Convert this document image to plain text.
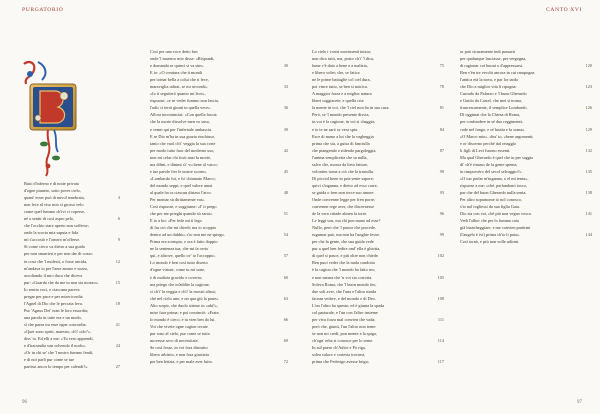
PURGATORIO
Buio d'inferno e di notte privata
d'ogne pianeto, sotto pover cielo,
quant' esser può di nuvol tenebrata,
non fece al viso mio sì grosso velo
come quel fummo ch'ivi ci coperse,
né a sentir di così aspro pelo,
che l'occhio stare aperto non sofferse;
onde la scorta mia saputa e fida
mi s'accostò e l'omero m'offerse.
Sì come cieco va dietro a sua guida
per non smarrirsi e per non dar di cozzo
in cosa che 'l molesti, o forse ancida,
m'andava io per l'aere amaro e sozzo,
ascoltando il mio duca che diceva
pur: «Guarda che da me tu non sia mozzo».
Io sentia voci, e ciascuna pareva
pregar per pace e per misericordia
l'Agnel di Dio che le peccata leva.
Pur 'Agnus Dei' eran le loro essordia;
una parola in tutte era e un modo,
sì che parea tra esse ogne concordia.
«Quei sono spirti, maestro, ch'i' odo?»,
diss' io. Ed elli a me: «Tu vero apprendi,
e d'iracundia van solvendo il nodo».
«Or tu chi se' che 'l nostro fummo fendi,
e di noi parli pur come se tue
partissi ancor lo tempo per calendi?».
3
6
9
12
15
18
21
24
27
Così per una voce detto fue;
onde 'l maestro mio disse: «Rispondi,
e domanda se quinci si va sùe».
E io: «O creatura che ti mondi
per tornar bella a colui che ti fece,
maraviglia udirai, se mi secondi».
«Io ti seguiterò quanto mi lece»,
rispuose; «e se veder fummo non lascia,
l'udir ci terrà giunti in quella vece».
Allora incominciai: «Con quella fascia
che la morte dissolve men vo suso,
e venni qui per l'infernale ambascia.
E se Dio m'ha in sua grazia rinchiuso,
tanto che vuol ch'i' veggia la sua corte
per modo tutto fuor del moderno uso,
non mi celar chi fosti anzi la morte,
ma dilmi, e dimmi s'i' vo bene al varco;
e tue parole fier le nostre scorte».
«Lombardo fui, e fu' chiamato Marco;
del mondo seppi, e quel valore amai
al quale ha or ciascun disteso l'arco.
Per montar sù dirittamente vai».
Così rispuose, e soggiunse: «I' ti prego
che per me prieghi quando sù sarai».
E io a lui: «Per fede mi ti lego
di far ciò che mi chiedi; ma io scoppio
dentro ad un dubbio, s'io non me ne spiego.
Prima era scempio, e ora è fatto doppio
ne la sentenza tua, che mi fa certo
qui, e altrove, quello ov' io l'accoppio.
Lo mondo è ben così tutto diserto
d'ogne virtute, come tu mi sone,
e di malizia gravido e coverto;
ma priego che m'addite la cagione,
sì ch'i' la veggia e ch'i' la mostri altrui;
ché nel cielo uno, e un qua giù la pone».
Alto sospir, che duolo strinse in «uhi!»,
mise fuor prima; e poi cominciò: «Frate,
lo mondo è cieco, e tu vien ben da lui.
Voi che vivete ogne cagion recate
pur suso al cielo, pur come se tutto
movesse seco di necessitate.
Se così fosse, in voi fora distrutto
libero arbitrio, e non fora giustizia
per ben letizia, e per male aver lutto.
30
33
36
39
42
45
48
51
54
57
60
63
66
69
72
96
CANTO XVI
Lo cielo i vostri movimenti inizia;
non dico tutti, ma, posto ch'i' 'l dica,
lume v'è dato a bene e a malizia,
e libero voler; che, se fatica
ne le prime battaglie col ciel dura,
poi vince tutto, se ben si notrica.
A maggior forza e a miglior natura
liberi soggiacete; e quella cria
la mente in voi, che 'l ciel non ha in sua cura.
Però, se 'l mondo presente disvia,
in voi è la cagione, in voi si chaggia;
e io te ne sarò or vera spia.
Esce di mano a lui che la vagheggia
prima che sia, a guisa di fanciulla
che piangendo e ridendo pargoleggia,
l'anima semplicetta che sa nulla,
salvo che, mossa da lieto fattore,
volontier torna a ciò che la trastulla.
Di picciol bene in pria sente sapore;
quivi s'inganna, e dietro ad esso corre,
se guida o fren non torce suo amore.
Onde convenne legge per fren porre;
convenne rege aver, che discernesse
de la vera cittade almen la torre.
Le leggi son, ma chi pon mano ad esse?
Nullo, però che 'l pastor che procede,
rugumar può, ma non ha l'unghie fesse;
per che la gente, che sua guida vede
pur a quel ben fedire ond' ella è ghiotta,
di quel si pasce, e più oltre non chiede.
Ben puoi veder che la mala condotta
è la cagion che 'l mondo ha fatto reo,
e non natura che 'n voi sia corrotta.
Soleva Roma, che 'l buon mondo feo,
due soli aver, che l'una e l'altra strada
facean vedere, e del mondo e di Deo.
L'un l'altro ha spento; ed è giunta la spada
col pasturale, e l'un con l'altro insieme
per viva forza mal convien che vada;
però che, giunti, l'un l'altro non teme:
se non mi credi, pon mente a la spiga,
ch'ogn' erba si conosce per lo seme.
In sul paese ch'Adice e Po riga,
solea valore e cortesia trovarsi,
prima che Federigo avesse briga;
75
78
81
84
87
90
93
96
99
102
105
108
111
114
117
or può sicuramente indi passarsi
per qualunque lasciasse, per vergogna,
di ragionar coi buoni o d'appressarsi.
Ben v'èn tre vecchi ancora in cui rampogna
l'antica età la nova, e par lor tardo
che Dio a miglior vita li ripogna:
Currado da Palazzo e 'l buon Gherardo
e Guido da Castel, che mei si noma,
francescamente, il semplice Lombardo.
Dì oggimai che la Chiesa di Roma,
per confondere in sé due reggimenti,
cade nel fango, e sé brutta e la soma».
«O Marco mio», diss' io, «bene argomenti;
e or discerno perché dal retaggio
li figli di Levì furono essenti.
Ma qual Gherardo è quel che tu per saggio
di' ch'è rimaso de la gente spenta,
in rimprovèro del secol selvaggio?».
«O tuo parlar m'inganna, o el mi tenta»,
rispuose a me; «ché, parlandomi tosco,
par che del buon Gherardo nulla senta.
Per altro sopranome io nol conosco,
s'io nol togliessi da sua figlia Gaia.
Dio sia con voi, ché più non vegno vosco.
Vedi l'albor che per lo fummo raia
già biancheggiare, e me convien partirmi
(l'angelo è ivi) prima ch'io li paia».
Così tornò, e più non volle udirmi.
120
123
126
129
132
135
138
141
144
97
